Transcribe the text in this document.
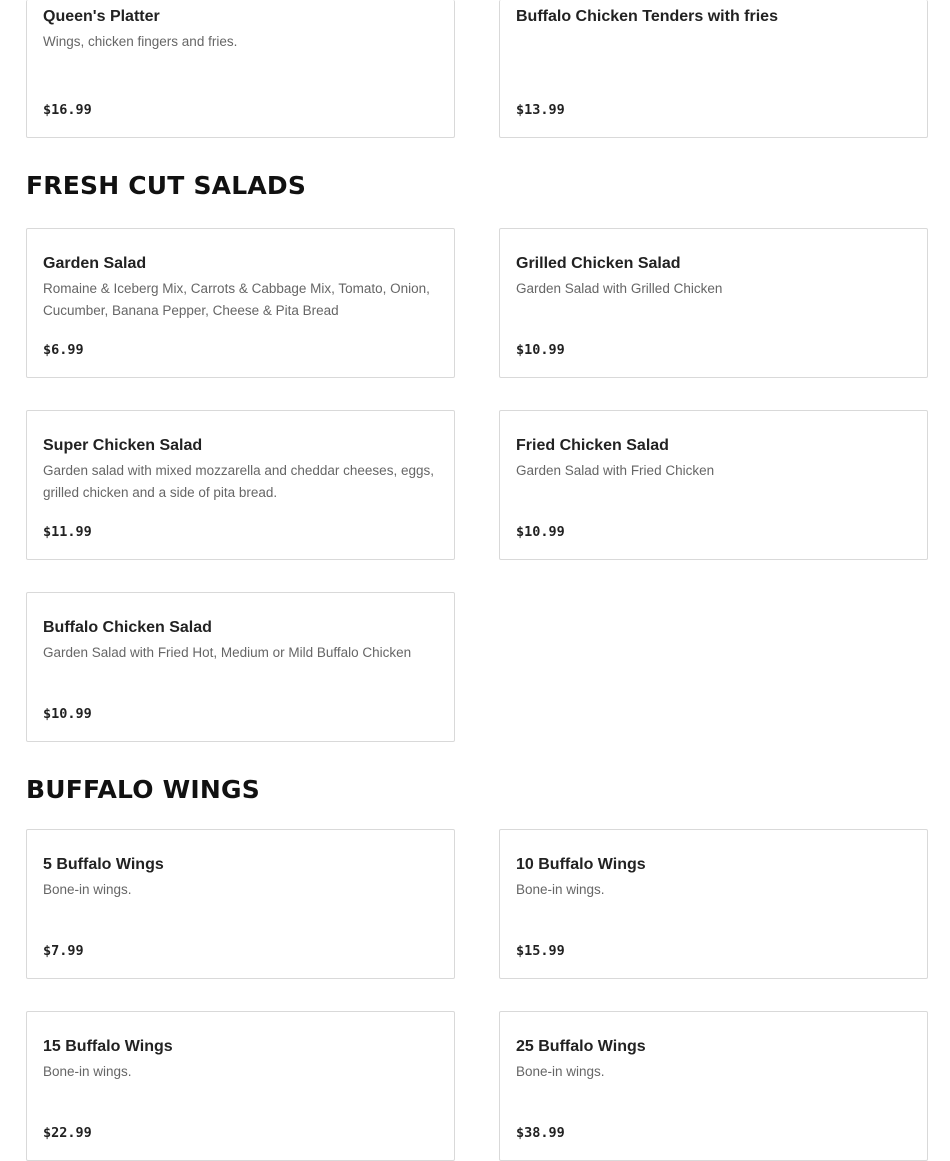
Queen's Platter
Wings, chicken fingers and fries.
$16.99
Buffalo Chicken Tenders with fries
$13.99
FRESH CUT SALADS
Garden Salad
Romaine & Iceberg Mix, Carrots & Cabbage Mix, Tomato, Onion, Cucumber, Banana Pepper, Cheese & Pita Bread
$6.99
Grilled Chicken Salad
Garden Salad with Grilled Chicken
$10.99
Super Chicken Salad
Garden salad with mixed mozzarella and cheddar cheeses, eggs, grilled chicken and a side of pita bread.
$11.99
Fried Chicken Salad
Garden Salad with Fried Chicken
$10.99
Buffalo Chicken Salad
Garden Salad with Fried Hot, Medium or Mild Buffalo Chicken
$10.99
BUFFALO WINGS
5 Buffalo Wings
Bone-in wings.
$7.99
10 Buffalo Wings
Bone-in wings.
$15.99
15 Buffalo Wings
Bone-in wings.
$22.99
25 Buffalo Wings
Bone-in wings.
$38.99
